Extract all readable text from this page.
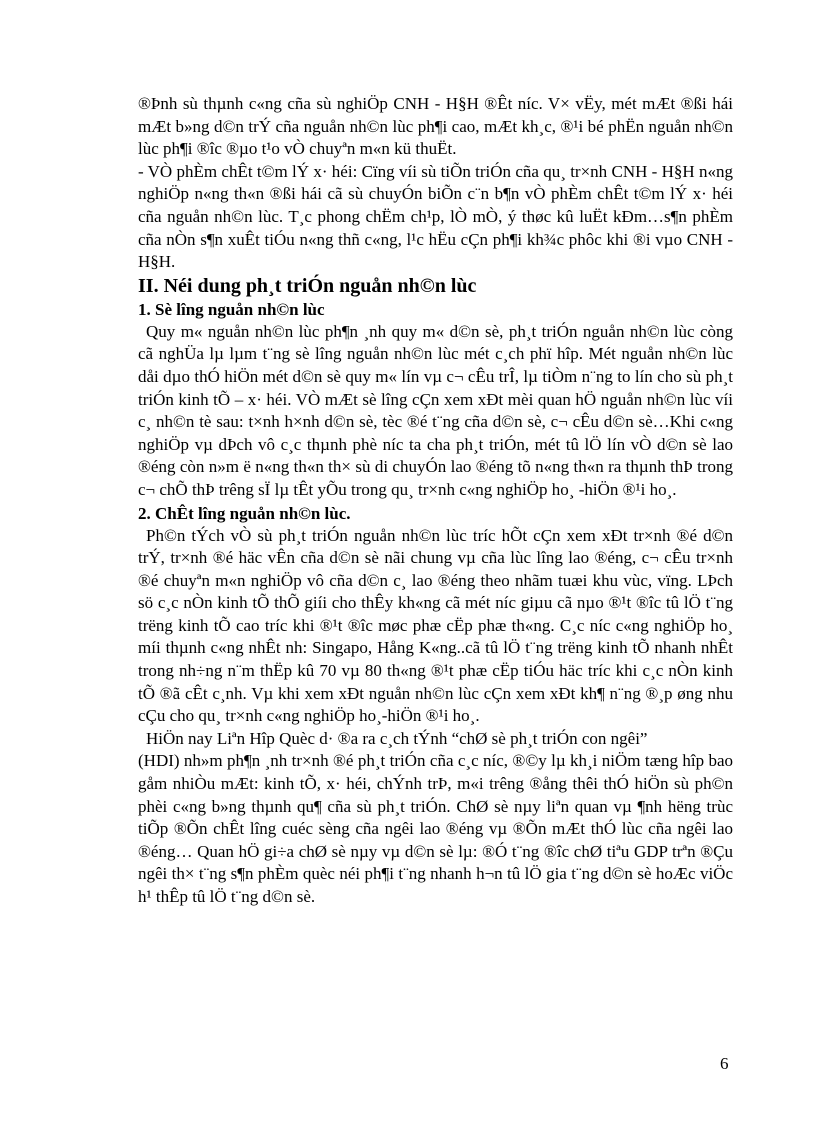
®Þnh sù thµnh c«ng cña sù nghiÖp CNH - H§H ®Êt níc. V× vËy, mét mÆt ®ßi hái mÆt b»ng d©n trÝ cña nguån nh©n lùc ph¶i cao, mÆt kh¸c, ®¹i bé phËn nguån nh©n lùc ph¶i ®îc ®µo t¹o vÒ chuyªn m«n kü thuËt.

- VÒ phÈm chÊt t©m lÝ x· héi: Cïng víi sù tiÕn triÓn cña qu¸ tr×nh CNH - H§H n«ng nghiÖp n«ng th«n ®ßi hái cã sù chuyÓn biÕn c¨n b¶n vÒ phÈm chÊt t©m lÝ x· héi cña nguån nh©n lùc. T¸c phong chËm ch¹p, lÒ mÒ, ý thøc kû luËt kÐm…s¶n phÈm cña nÒn s¶n xuÊt tiÓu n«ng thñ c«ng, l¹c hËu cÇn ph¶i kh¾c phôc khi ®i vµo CNH - H§H.

II. Néi dung ph¸t triÓn nguån nh©n lùc

1. Sè lîng nguån nh©n lùc

Quy m« nguån nh©n lùc ph¶n ¸nh quy m« d©n sè, ph¸t triÓn nguån nh©n lùc còng cã nghÜa lµ lµm t¨ng sè lîng nguån nh©n lùc mét c¸ch phï hîp. Mét nguån nh©n lùc dåi dµo thÓ hiÖn mét d©n sè quy m« lín vµ c¬ cÊu trÎ, lµ tiÒm n¨ng to lín cho sù ph¸t triÓn kinh tÕ – x· héi. VÒ mÆt sè lîng cÇn xem xÐt mèi quan hÖ nguån nh©n lùc víi c¸ nh©n tè sau: t×nh h×nh d©n sè, tèc ®é t¨ng cña d©n sè, c¬ cÊu d©n sè…Khi c«ng nghiÖp vµ dÞch vô c¸c thµnh phè níc ta cha ph¸t triÓn, mét tû lÖ lín vÒ d©n sè lao ®éng còn n»m ë n«ng th«n th× sù di chuyÓn lao ®éng tõ n«ng th«n ra thµnh thÞ trong c¬ chÕ thÞ trêng sÏ lµ tÊt yÕu trong qu¸ tr×nh c«ng nghiÖp ho¸ -hiÖn ®¹i ho¸.

2. ChÊt lîng nguån nh©n lùc.

Ph©n tÝch vÒ sù ph¸t triÓn nguån nh©n lùc tríc hÕt cÇn xem xÐt tr×nh ®é d©n trÝ, tr×nh ®é häc vÊn cña d©n sè nãi chung vµ cña lùc lîng lao ®éng, c¬ cÊu tr×nh ®é chuyªn m«n nghiÖp vô cña d©n c¸ lao ®éng theo nhãm tuæi khu vùc, vïng. LÞch sö c¸c nÒn kinh tÕ thÕ giíi cho thÊy kh«ng cã mét níc giµu cã nµo ®¹t ®îc tû lÖ t¨ng trëng kinh tÕ cao tríc khi ®¹t ®îc møc phæ cËp phæ th«ng. C¸c níc c«ng nghiÖp ho¸ míi thµnh c«ng nhÊt nh: Singapo, Hång K«ng..cã tû lÖ t¨ng trëng kinh tÕ nhanh nhÊt trong nh÷ng n¨m thËp kû 70 vµ 80 th«ng ®¹t phæ cËp tiÓu häc tríc khi c¸c nÒn kinh tÕ ®ã cÊt c¸nh. Vµ khi xem xÐt nguån nh©n lùc cÇn xem xÐt kh¶ n¨ng ®¸p øng nhu cÇu cho qu¸ tr×nh c«ng nghiÖp ho¸-hiÖn ®¹i ho¸.

HiÖn nay Liªn Hîp Quèc d· ®a ra c¸ch tÝnh “chØ sè ph¸t triÓn con ngêi”

(HDI) nh»m ph¶n ¸nh tr×nh ®é ph¸t triÓn cña c¸c níc, ®©y lµ kh¸i niÖm tæng hîp bao gåm nhiÒu mÆt: kinh tÕ, x· héi, chÝnh trÞ, m«i trêng ®ång thêi thÓ hiÖn sù ph©n phèi c«ng b»ng thµnh qu¶ cña sù ph¸t triÓn. ChØ sè nµy liªn quan vµ ¶nh hëng trùc tiÕp ®Õn chÊt lîng cuéc sèng cña ngêi lao ®éng vµ ®Õn mÆt thÓ lùc cña ngêi lao ®éng… Quan hÖ gi÷a chØ sè nµy vµ d©n sè lµ: ®Ó t¨ng ®îc chØ tiªu GDP trªn ®Çu ngêi th× t¨ng s¶n phÈm quèc néi ph¶i t¨ng nhanh h¬n tû lÖ gia t¨ng d©n sè hoÆc viÖc h¹ thÊp tû lÖ t¨ng d©n sè.

6
